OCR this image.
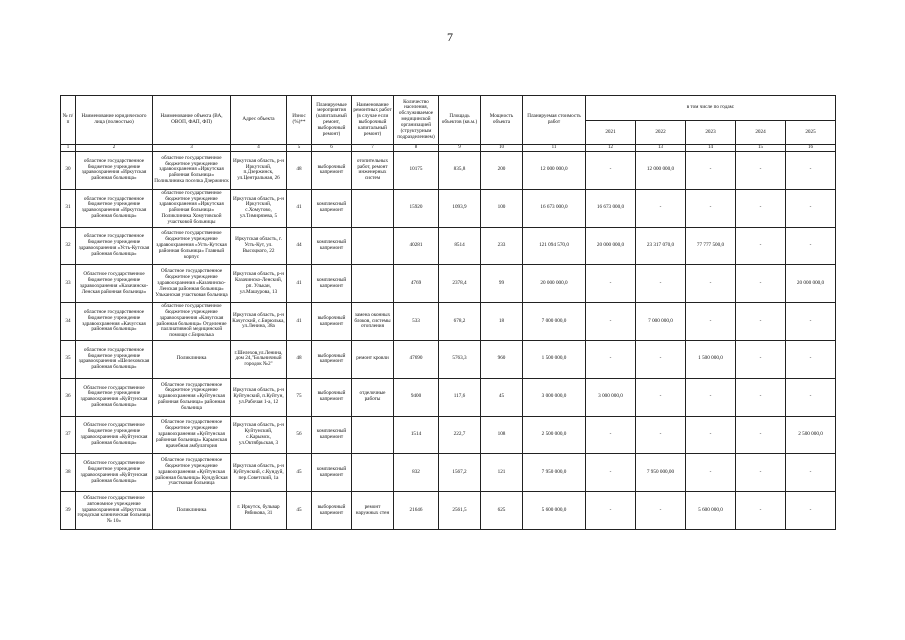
7
№ п/п	Наименование юридического лица (полностью)	Наименование объекта (ВА, ОВОП, ФАП, ФП)	Адрес объекта	Износ (%)**	Планируемые мероприятия (капитальный ремонт, выборочный ремонт)	Наименование ремонтных работ (в случае если выборочный капитальный ремонт)	Количество населения, обслуживаемое медицинской организацией (структурным подразделением)	Площадь объектов (кв.м.)	Мощность объекта	Планируемая стоимость работ	в том числе по годам:				
											2021	2022	2023	2024	2025
1	2	3	4	5	6	7	8	9	10	11	12	13	14	15	16
30	областное государственное бюджетное учреждение здравоохранения «Иркутская районная больница»	областное государственное бюджетное учреждение здравоохранения «Иркутская районная больница» Поликлиника поселка Дзержинск	Иркутская область, р-н Иркутский, п.Дзержинск, ул.Центральная, 26	48	выборочный капремонт	отопительных работ, ремонт инженерных систем	10175	835,8	200	12 000 000,0	-	12 000 000,0	-	-	-
31	областное государственное бюджетное учреждение здравоохранения «Иркутская районная больница»	областное государственное бюджетное учреждение здравоохранения «Иркутская районная больница» Поликлиника Хомутовской участковой больницы	Иркутская область, р-н Иркутский, с.Хомутово, ул.Тимирязева, 5	41	комплексный капремонт		15920	1093,9	100	16 673 000,0	16 673 000,0	-	-	-	-
32	областное государственное бюджетное учреждение здравоохранения «Усть-Кутская районная больница»	областное государственное бюджетное учреждение здравоохранения «Усть-Кутская районная больница» Главный корпус	Иркутская область, г. Усть-Кут, ул. Высоцкого, 22	44	комплексный капремонт		40281	8514	233	121 094 570,0	20 000 000,0	23 317 070,0	77 777 500,0	-	-
33	Областное государственное бюджетное учреждение здравоохранения «Казачинско-Ленская районная больница»	Областное государственное бюджетное учреждение здравоохранения «Казачинско-Ленская районная больница» Ульканская участковая больница	Иркутская область, р-н Казачинско-Ленский, рп. Улькан, ул.Машурова, 13	41	комплексный капремонт		4769	2378,4	99	20 000 000,0	-	-	-	-	20 000 000,0
34	областное государственное бюджетное учреждение здравоохранения «Качугская районная больница»	областное государственное бюджетное учреждение здравоохранения «Качугская районная больница» Отделение паллиативной медицинской помощи с.Бирюлька	Иркутская область, р-н Качугский, с.Бирюлька, ул.Ленина, 38а	41	выборочный капремонт	замена оконных блоков, системы отопления	533	678,2	18	7 000 000,0	-	7 000 000,0	-	-	-
35	областное государственное бюджетное учреждение здравоохранения «Шелеховская районная больница»	Поликлиника	г.Шелехов,ул.Ленина, дом 24,"Больничный городок №2"	48	выборочный капремонт	ремонт кровли	47690	5763,3	960	1 500 000,0	-	-	1 500 000,0	-	-
36	Областное государственное бюджетное учреждение здравоохранения «Куйтунская районная больница»	Областное государственное бюджетное учреждение здравоохранения «Куйтунская районная больница» районная больница	Иркутская область, р-н Куйтунский, п.Куйтун, ул.Рабочая 1-а, 12	75	выборочный капремонт	отделочные работы	9400	117,6	45	3 000 000,0	3 000 000,0	-	-	-	-
37	Областное государственное бюджетное учреждение здравоохранения «Куйтунская районная больница»	Областное государственное бюджетное учреждение здравоохранения «Куйтунская районная больница» Карымская врачебная амбулатория	Иркутская область, р-н Куйтунский, с.Карымск, ул.Октябрьская, 3	56	комплексный капремонт		1514	222,7	108	2 500 000,0	-	-	-	-	2 500 000,0
38	Областное государственное бюджетное учреждение здравоохранения «Куйтунская районная больница»	Областное государственное бюджетное учреждение здравоохранения «Куйтунская районная больница» Кундуйская участковая больница	Иркутская область, р-н Куйтунский, с.Кундуй, пер.Советский, 1а	45	комплексный капремонт		832	1567,2	121	7 950 000,0	-	7 950 000,00	-	-	-
39	Областное государственное автономное учреждение здравоохранения «Иркутская городская клиническая больница № 10»	Поликлиника	г. Иркутск, бульвар Рябикова, 31	45	выборочный капремонт	ремонт наружных стен	21646	2561,5	625	5 600 000,0	-	-	5 600 000,0	-	-
